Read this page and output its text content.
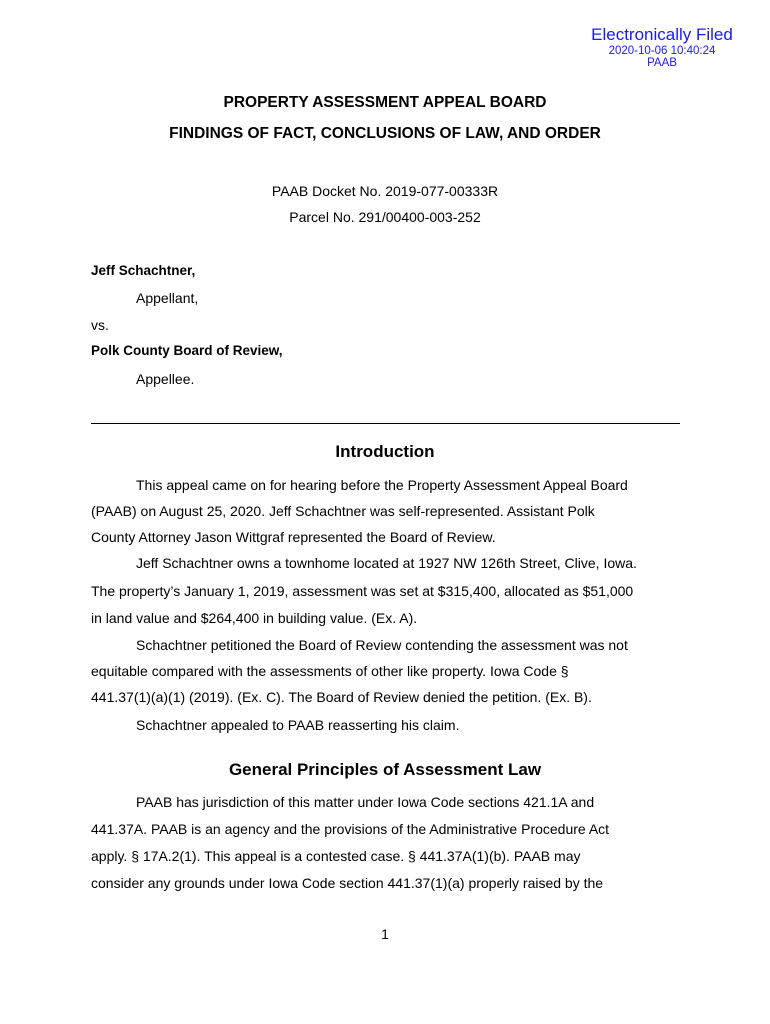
Electronically Filed
2020-10-06 10:40:24
PAAB
PROPERTY ASSESSMENT APPEAL BOARD
FINDINGS OF FACT, CONCLUSIONS OF LAW, AND ORDER
PAAB Docket No. 2019-077-00333R
Parcel No. 291/00400-003-252
Jeff Schachtner,
Appellant,
vs.
Polk County Board of Review,
Appellee.
Introduction
This appeal came on for hearing before the Property Assessment Appeal Board
(PAAB) on August 25, 2020. Jeff Schachtner was self-represented. Assistant Polk
County Attorney Jason Wittgraf represented the Board of Review.
Jeff Schachtner owns a townhome located at 1927 NW 126th Street, Clive, Iowa.
The property’s January 1, 2019, assessment was set at $315,400, allocated as $51,000
in land value and $264,400 in building value. (Ex. A).
Schachtner petitioned the Board of Review contending the assessment was not
equitable compared with the assessments of other like property. Iowa Code §
441.37(1)(a)(1) (2019). (Ex. C). The Board of Review denied the petition. (Ex. B).
Schachtner appealed to PAAB reasserting his claim.
General Principles of Assessment Law
PAAB has jurisdiction of this matter under Iowa Code sections 421.1A and
441.37A. PAAB is an agency and the provisions of the Administrative Procedure Act
apply. § 17A.2(1). This appeal is a contested case. § 441.37A(1)(b). PAAB may
consider any grounds under Iowa Code section 441.37(1)(a) properly raised by the
1
